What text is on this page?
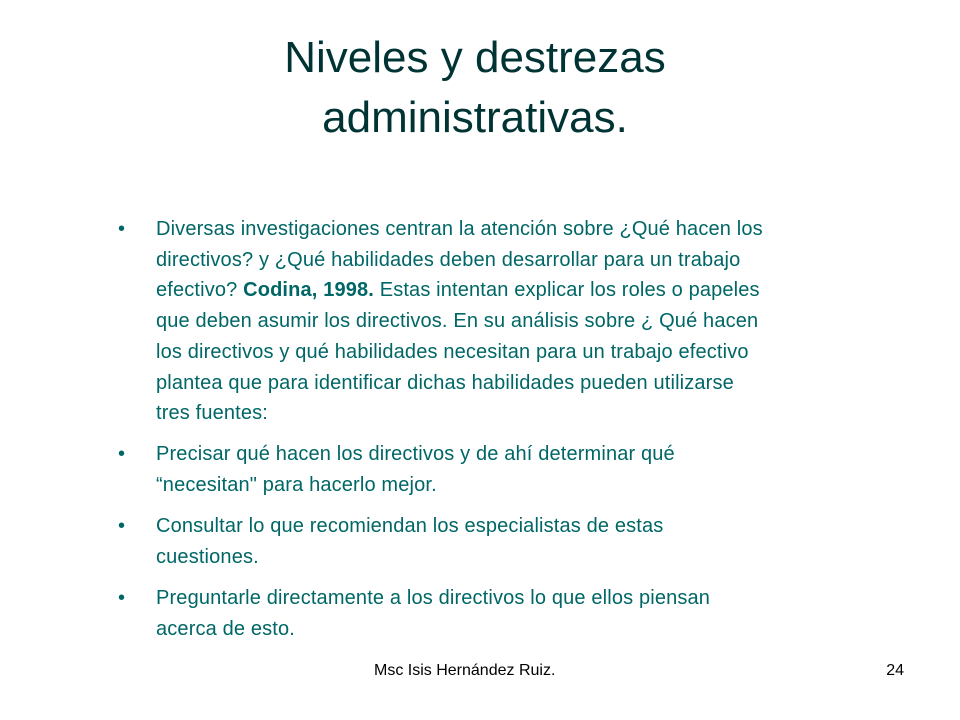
Niveles y destrezas
administrativas.
• Diversas investigaciones centran la atención sobre ¿Qué hacen los
directivos? y ¿Qué habilidades deben desarrollar para un trabajo
efectivo? Codina, 1998. Estas intentan explicar los roles o papeles
que deben asumir los directivos. En su análisis sobre ¿ Qué hacen
los directivos y qué habilidades necesitan para un trabajo efectivo
plantea que para identificar dichas habilidades pueden utilizarse
tres fuentes:
• Precisar qué hacen los directivos y de ahí determinar qué
“necesitan" para hacerlo mejor.
• Consultar lo que recomiendan los especialistas de estas
cuestiones.
• Preguntarle directamente a los directivos lo que ellos piensan
acerca de esto.
Msc Isis Hernández Ruiz.	24
